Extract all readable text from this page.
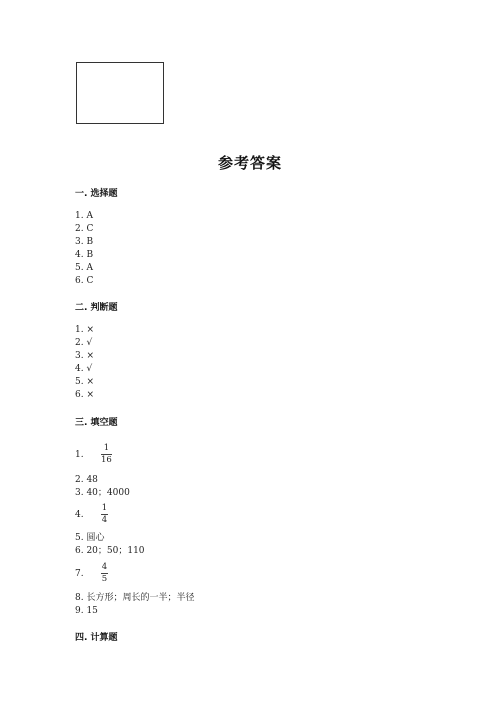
参考答案
一. 选择题
1. A
2. C
3. B
4. B
5. A
6. C
二. 判断题
1. ×
2. √
3. ×
4. √
5. ×
6. ×
三. 填空题
1.
1
16
2. 48
3. 40；4000
4.
1
4
5. 圆心
6. 20；50；110
7.
4
5
8. 长方形；周长的一半；半径
9. 15
四. 计算题
